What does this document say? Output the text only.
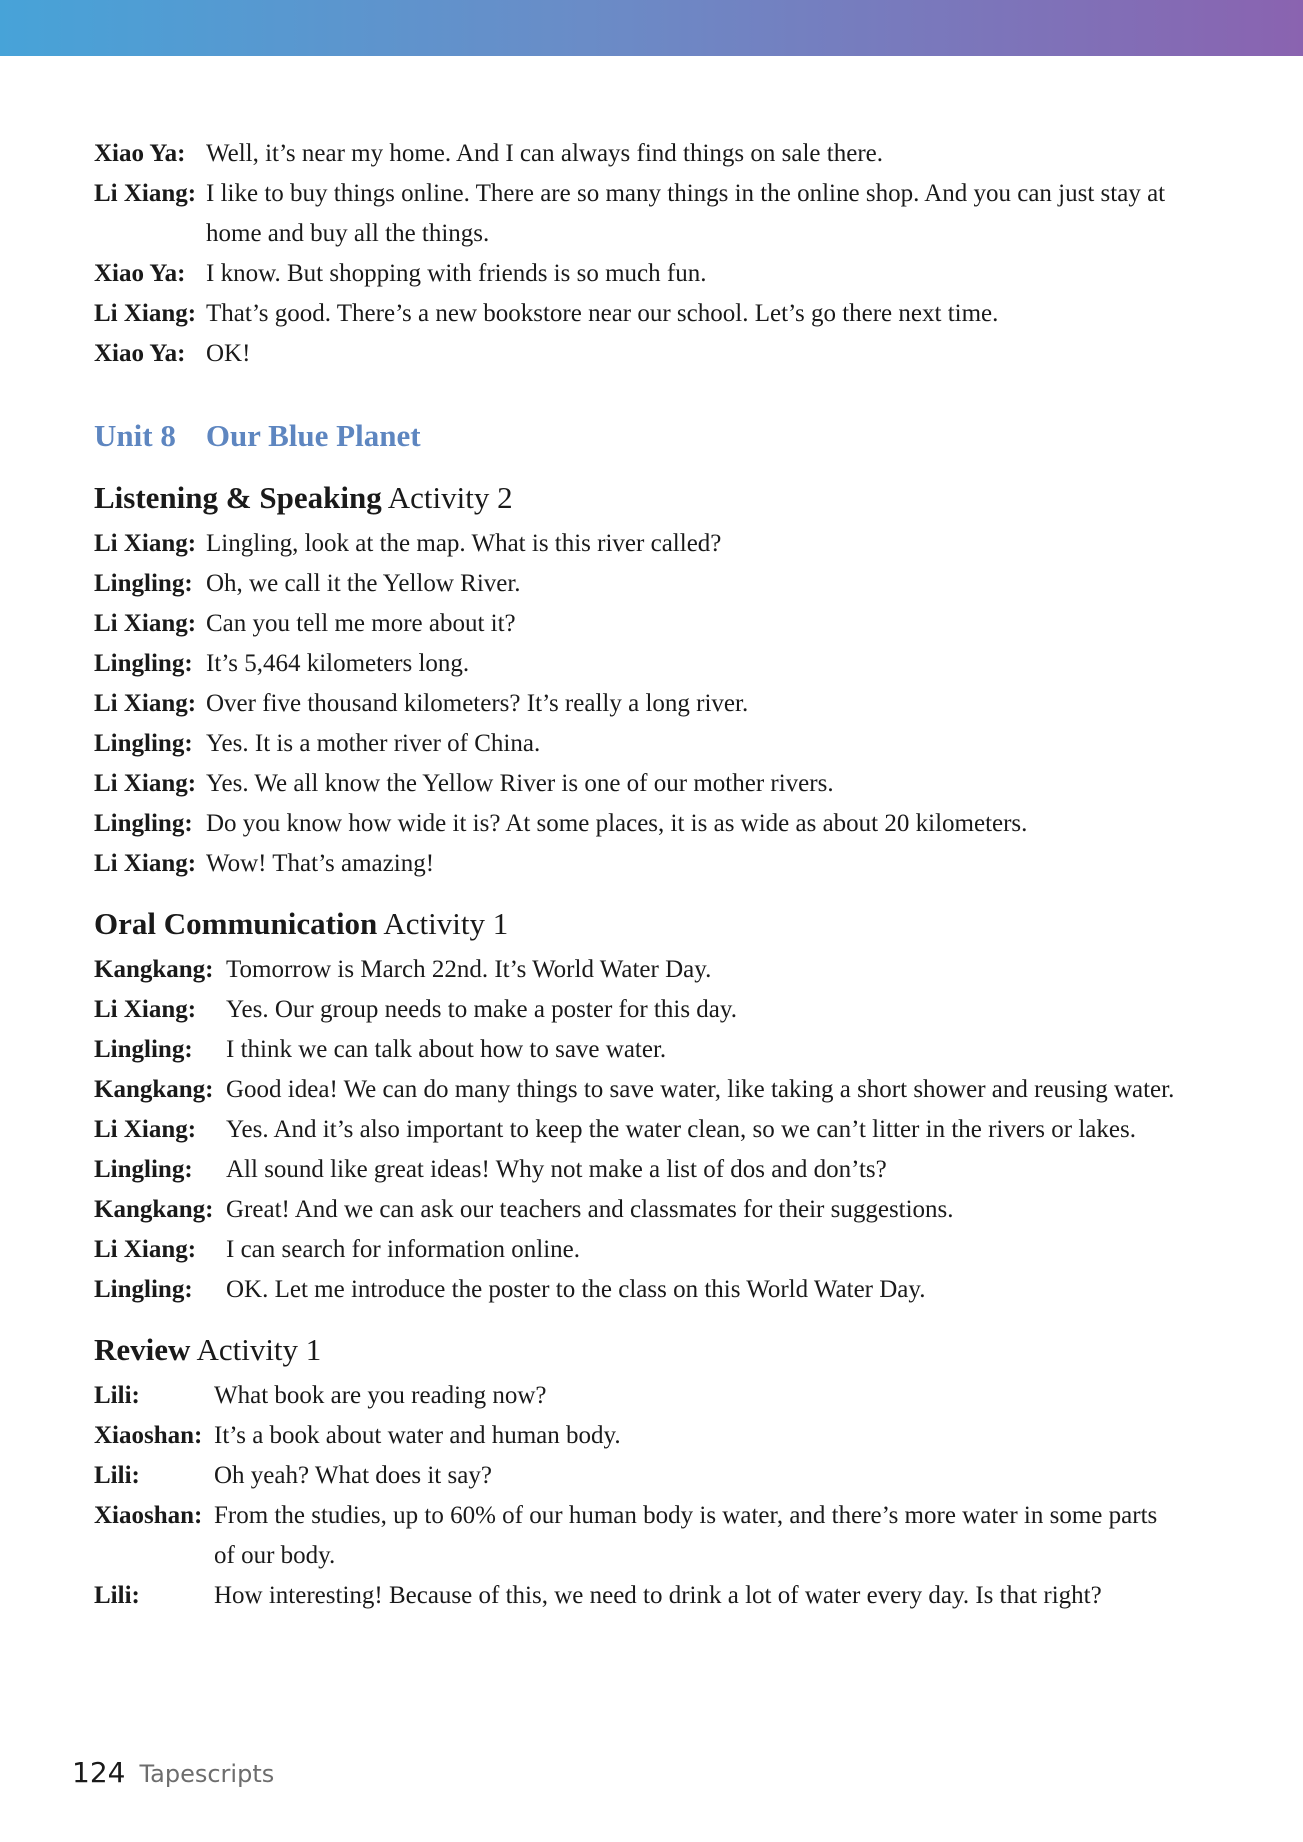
Xiao Ya: Well, it’s near my home. And I can always find things on sale there.
Li Xiang: I like to buy things online. There are so many things in the online shop. And you can just stay at home and buy all the things.
Xiao Ya: I know. But shopping with friends is so much fun.
Li Xiang: That’s good. There’s a new bookstore near our school. Let’s go there next time.
Xiao Ya: OK!
Unit 8 Our Blue Planet
Listening & Speaking Activity 2
Li Xiang: Lingling, look at the map. What is this river called?
Lingling: Oh, we call it the Yellow River.
Li Xiang: Can you tell me more about it?
Lingling: It’s 5,464 kilometers long.
Li Xiang: Over five thousand kilometers? It’s really a long river.
Lingling: Yes. It is a mother river of China.
Li Xiang: Yes. We all know the Yellow River is one of our mother rivers.
Lingling: Do you know how wide it is? At some places, it is as wide as about 20 kilometers.
Li Xiang: Wow! That’s amazing!
Oral Communication Activity 1
Kangkang: Tomorrow is March 22nd. It’s World Water Day.
Li Xiang:	Yes. Our group needs to make a poster for this day.
Lingling:	I think we can talk about how to save water.
Kangkang: Good idea! We can do many things to save water, like taking a short shower and reusing water.
Li Xiang:	Yes. And it’s also important to keep the water clean, so we can’t litter in the rivers or lakes.
Lingling:	All sound like great ideas! Why not make a list of dos and don’ts?
Kangkang: Great! And we can ask our teachers and classmates for their suggestions.
Li Xiang:	I can search for information online.
Lingling:	OK. Let me introduce the poster to the class on this World Water Day.
Review Activity 1
Lili:	What book are you reading now?
Xiaoshan: It’s a book about water and human body.
Lili:	Oh yeah? What does it say?
Xiaoshan: From the studies, up to 60% of our human body is water, and there’s more water in some parts of our body.
Lili:	How interesting! Because of this, we need to drink a lot of water every day. Is that right?
124 Tapescripts
